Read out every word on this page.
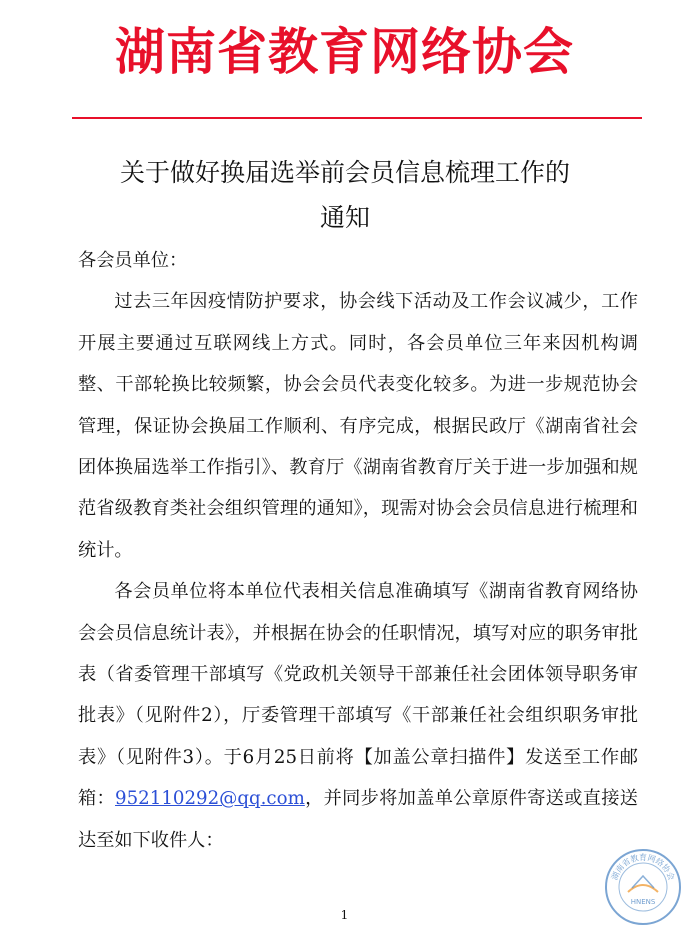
湖南省教育网络协会
关于做好换届选举前会员信息梳理工作的
通知

各会员单位：

过去三年因疫情防护要求，协会线下活动及工作会议减少，工作开展主要通过互联网线上方式。同时，各会员单位三年来因机构调整、干部轮换比较频繁，协会会员代表变化较多。为进一步规范协会管理，保证协会换届工作顺利、有序完成，根据民政厅《湖南省社会团体换届选举工作指引》、教育厅《湖南省教育厅关于进一步加强和规范省级教育类社会组织管理的通知》，现需对协会会员信息进行梳理和统计。

各会员单位将本单位代表相关信息准确填写《湖南省教育网络协会会员信息统计表》，并根据在协会的任职情况，填写对应的职务审批表（省委管理干部填写《党政机关领导干部兼任社会团体领导职务审批表》（见附件2），厅委管理干部填写《干部兼任社会组织职务审批表》（见附件3）。于6月25日前将【加盖公章扫描件】发送至工作邮箱：952110292@qq.com，并同步将加盖单公章原件寄送或直接送达至如下收件人：

1
湖南省教育网络协会
HNENS
